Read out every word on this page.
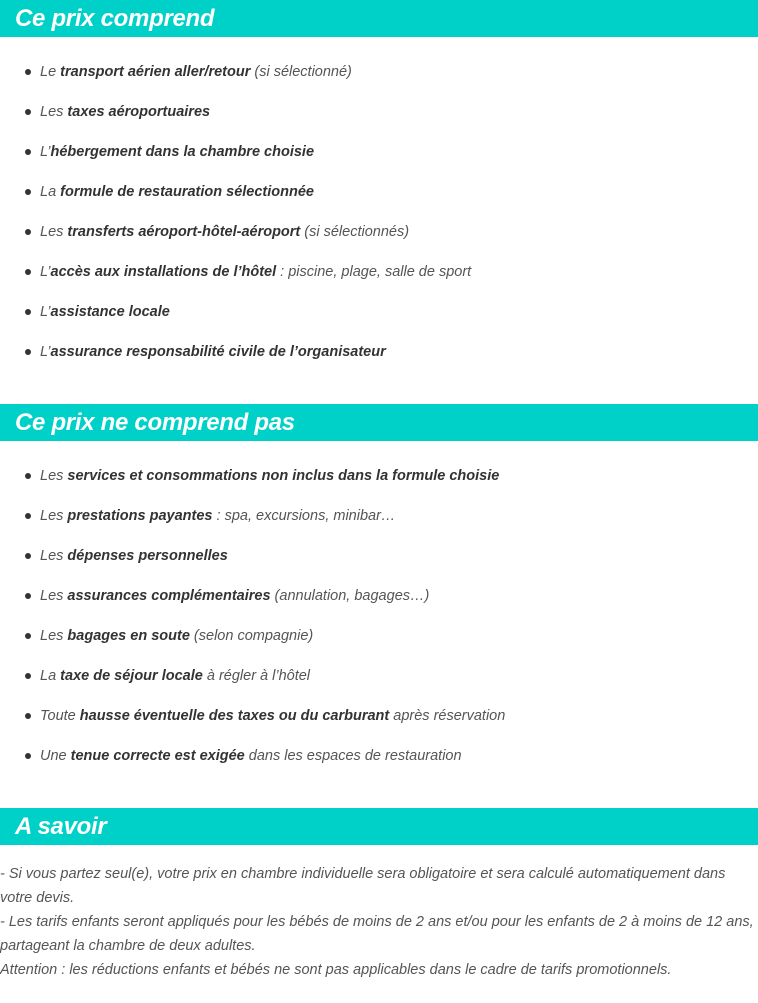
Ce prix comprend
Le transport aérien aller/retour (si sélectionné)
Les taxes aéroportuaires
L’hébergement dans la chambre choisie
La formule de restauration sélectionnée
Les transferts aéroport-hôtel-aéroport (si sélectionnés)
L’accès aux installations de l’hôtel : piscine, plage, salle de sport
L’assistance locale
L’assurance responsabilité civile de l’organisateur
Ce prix ne comprend pas
Les services et consommations non inclus dans la formule choisie
Les prestations payantes : spa, excursions, minibar…
Les dépenses personnelles
Les assurances complémentaires (annulation, bagages…)
Les bagages en soute (selon compagnie)
La taxe de séjour locale à régler à l’hôtel
Toute hausse éventuelle des taxes ou du carburant après réservation
Une tenue correcte est exigée dans les espaces de restauration
A savoir

- Si vous partez seul(e), votre prix en chambre individuelle sera obligatoire et sera calculé automatiquement dans votre devis.

- Les tarifs enfants seront appliqués pour les bébés de moins de 2 ans et/ou pour les enfants de 2 à moins de 12 ans, partageant la chambre de deux adultes.

Attention : les réductions enfants et bébés ne sont pas applicables dans le cadre de tarifs promotionnels.
